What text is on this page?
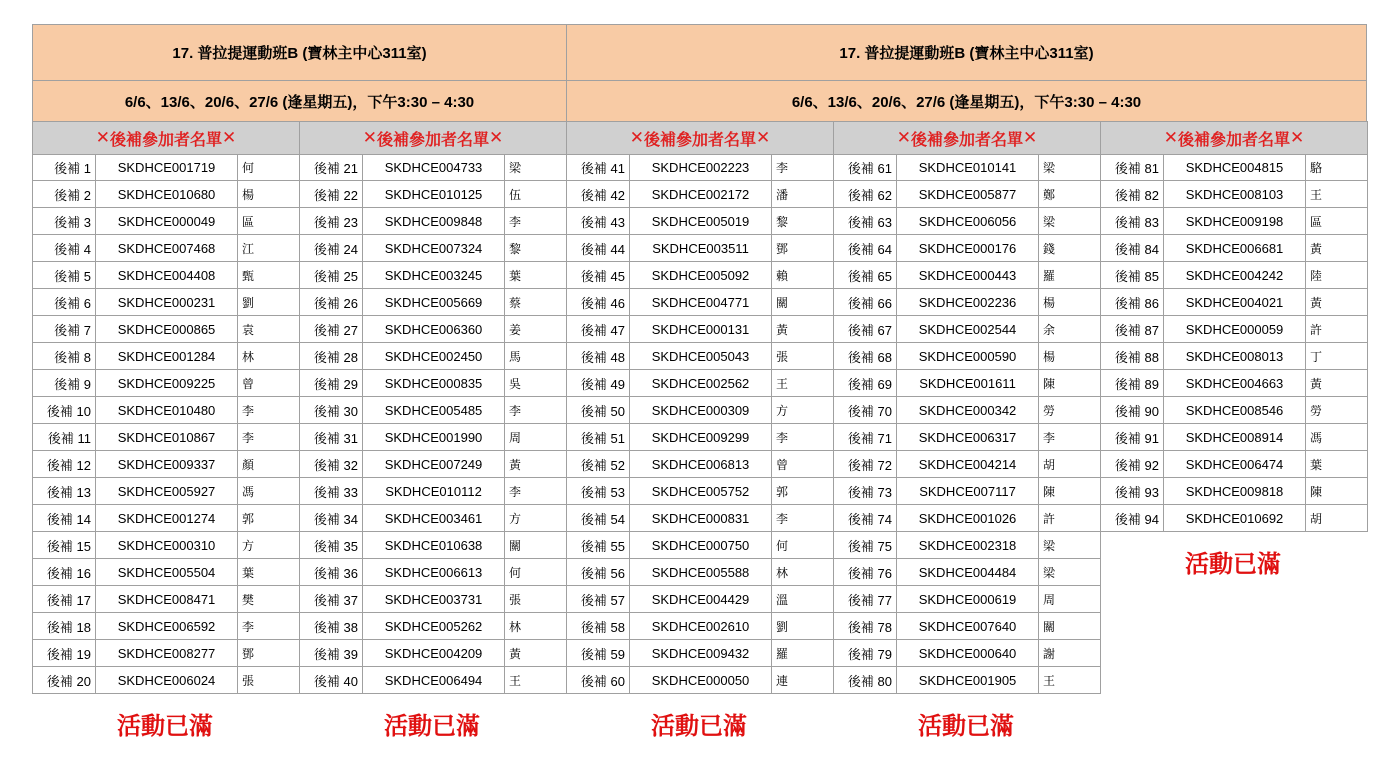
17. 普拉提運動班B (寶林主中心311室)
6/6、13/6、20/6、27/6 (逢星期五)，下午3:30 – 4:30
17. 普拉提運動班B (寶林主中心311室)
6/6、13/6、20/6、27/6 (逢星期五)，下午3:30 – 4:30
✕ 後補參加者名單 ✕
後補 1	SKDHCE001719	何
後補 2	SKDHCE010680	楊
後補 3	SKDHCE000049	區
後補 4	SKDHCE007468	江
後補 5	SKDHCE004408	甄
後補 6	SKDHCE000231	劉
後補 7	SKDHCE000865	袁
後補 8	SKDHCE001284	林
後補 9	SKDHCE009225	曾
後補 10	SKDHCE010480	李
後補 11	SKDHCE010867	李
後補 12	SKDHCE009337	顏
後補 13	SKDHCE005927	馮
後補 14	SKDHCE001274	郭
後補 15	SKDHCE000310	方
後補 16	SKDHCE005504	葉
後補 17	SKDHCE008471	樊
後補 18	SKDHCE006592	李
後補 19	SKDHCE008277	鄧
後補 20	SKDHCE006024	張
活動已滿
✕ 後補參加者名單 ✕
後補 21	SKDHCE004733	梁
後補 22	SKDHCE010125	伍
後補 23	SKDHCE009848	李
後補 24	SKDHCE007324	黎
後補 25	SKDHCE003245	葉
後補 26	SKDHCE005669	蔡
後補 27	SKDHCE006360	姜
後補 28	SKDHCE002450	馬
後補 29	SKDHCE000835	吳
後補 30	SKDHCE005485	李
後補 31	SKDHCE001990	周
後補 32	SKDHCE007249	黃
後補 33	SKDHCE010112	李
後補 34	SKDHCE003461	方
後補 35	SKDHCE010638	關
後補 36	SKDHCE006613	何
後補 37	SKDHCE003731	張
後補 38	SKDHCE005262	林
後補 39	SKDHCE004209	黃
後補 40	SKDHCE006494	王
活動已滿
✕ 後補參加者名單 ✕
後補 41	SKDHCE002223	李
後補 42	SKDHCE002172	潘
後補 43	SKDHCE005019	黎
後補 44	SKDHCE003511	鄧
後補 45	SKDHCE005092	賴
後補 46	SKDHCE004771	關
後補 47	SKDHCE000131	黃
後補 48	SKDHCE005043	張
後補 49	SKDHCE002562	王
後補 50	SKDHCE000309	方
後補 51	SKDHCE009299	李
後補 52	SKDHCE006813	曾
後補 53	SKDHCE005752	郭
後補 54	SKDHCE000831	李
後補 55	SKDHCE000750	何
後補 56	SKDHCE005588	林
後補 57	SKDHCE004429	溫
後補 58	SKDHCE002610	劉
後補 59	SKDHCE009432	羅
後補 60	SKDHCE000050	連
活動已滿
✕ 後補參加者名單 ✕
後補 61	SKDHCE010141	梁
後補 62	SKDHCE005877	鄭
後補 63	SKDHCE006056	梁
後補 64	SKDHCE000176	錢
後補 65	SKDHCE000443	羅
後補 66	SKDHCE002236	楊
後補 67	SKDHCE002544	余
後補 68	SKDHCE000590	楊
後補 69	SKDHCE001611	陳
後補 70	SKDHCE000342	勞
後補 71	SKDHCE006317	李
後補 72	SKDHCE004214	胡
後補 73	SKDHCE007117	陳
後補 74	SKDHCE001026	許
後補 75	SKDHCE002318	梁
後補 76	SKDHCE004484	梁
後補 77	SKDHCE000619	周
後補 78	SKDHCE007640	關
後補 79	SKDHCE000640	謝
後補 80	SKDHCE001905	王
活動已滿
✕ 後補參加者名單 ✕
後補 81	SKDHCE004815	駱
後補 82	SKDHCE008103	王
後補 83	SKDHCE009198	區
後補 84	SKDHCE006681	黃
後補 85	SKDHCE004242	陸
後補 86	SKDHCE004021	黃
後補 87	SKDHCE000059	許
後補 88	SKDHCE008013	丁
後補 89	SKDHCE004663	黃
後補 90	SKDHCE008546	勞
後補 91	SKDHCE008914	馮
後補 92	SKDHCE006474	葉
後補 93	SKDHCE009818	陳
後補 94	SKDHCE010692	胡
活動已滿
